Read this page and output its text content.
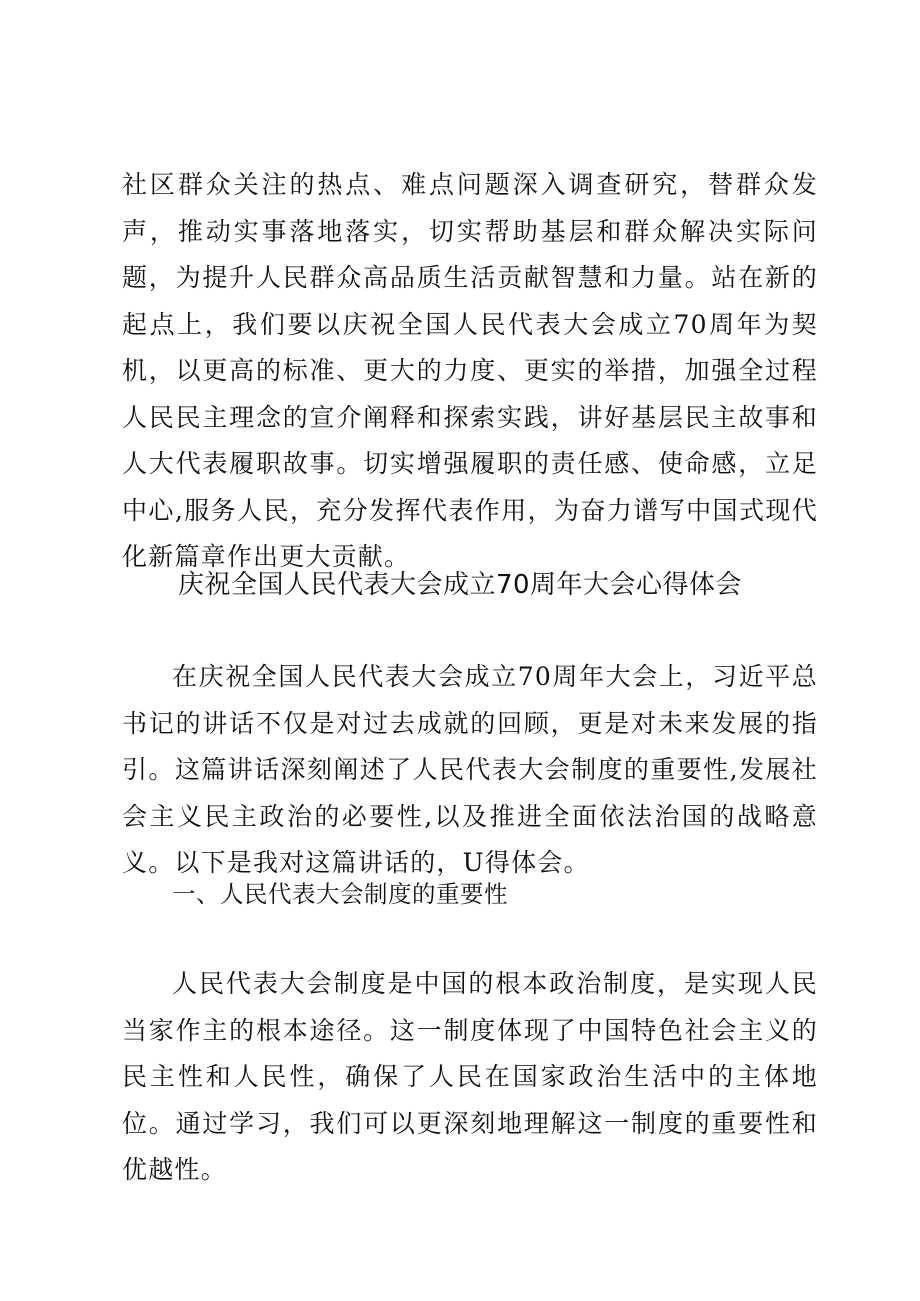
社区群众关注的热点、难点问题深入调查研究，替群众发声，推动实事落地落实，切实帮助基层和群众解决实际问题，为提升人民群众高品质生活贡献智慧和力量。站在新的起点上，我们要以庆祝全国人民代表大会成立70周年为契机，以更高的标准、更大的力度、更实的举措，加强全过程人民民主理念的宣介阐释和探索实践，讲好基层民主故事和人大代表履职故事。切实增强履职的责任感、使命感，立足中心,服务人民，充分发挥代表作用，为奋力谱写中国式现代化新篇章作出更大贡献。

庆祝全国人民代表大会成立70周年大会心得体会

在庆祝全国人民代表大会成立70周年大会上，习近平总书记的讲话不仅是对过去成就的回顾，更是对未来发展的指引。这篇讲话深刻阐述了人民代表大会制度的重要性,发展社会主义民主政治的必要性,以及推进全面依法治国的战略意义。以下是我对这篇讲话的，U得体会。

一、人民代表大会制度的重要性

人民代表大会制度是中国的根本政治制度，是实现人民当家作主的根本途径。这一制度体现了中国特色社会主义的民主性和人民性，确保了人民在国家政治生活中的主体地位。通过学习，我们可以更深刻地理解这一制度的重要性和优越性。
